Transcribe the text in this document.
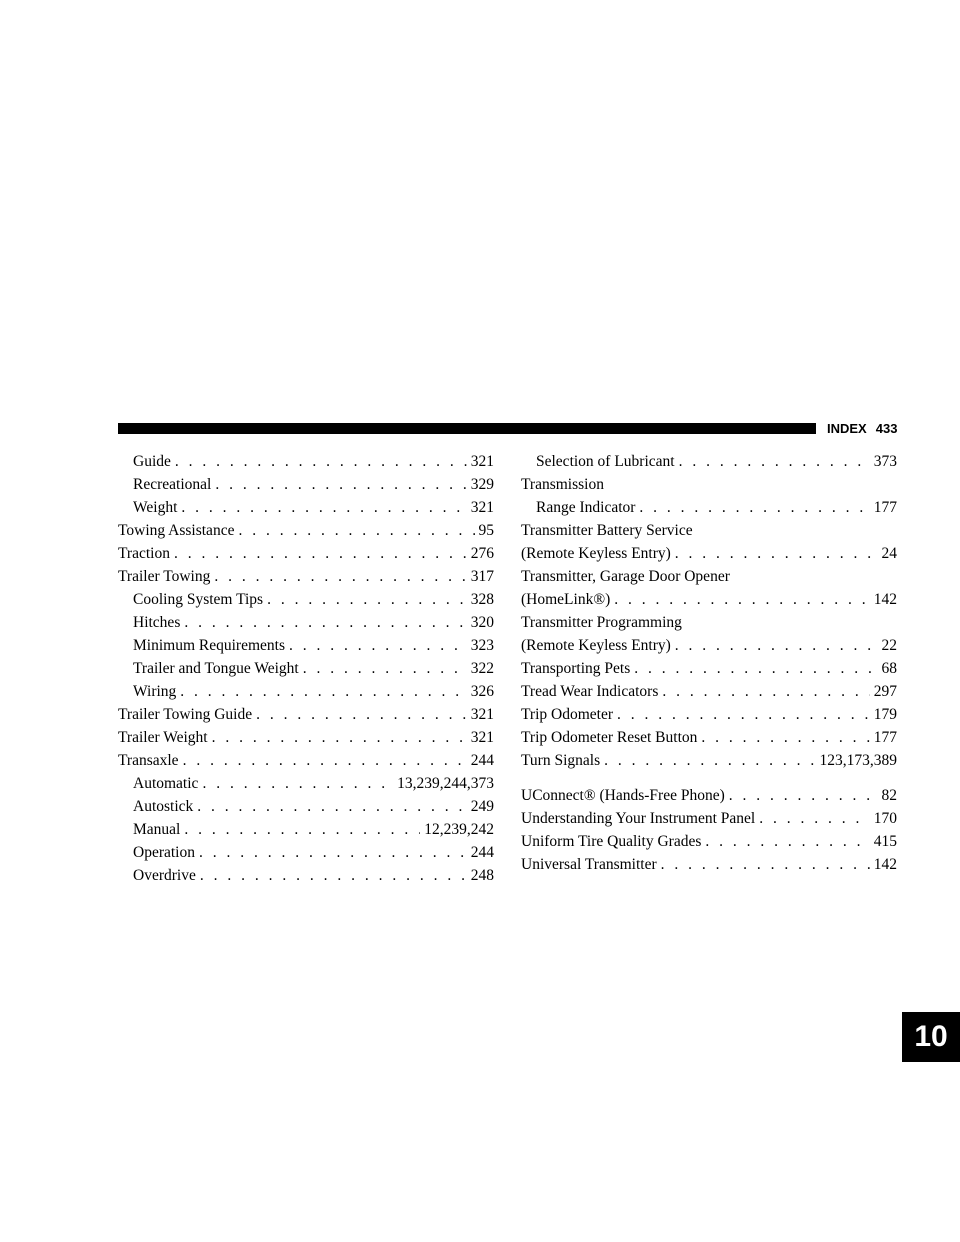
INDEX 433
Guide . . .	321
Recreational . . .	329
Weight . . .	321
Towing Assistance . . .	95
Traction . . .	276
Trailer Towing . . .	317
Cooling System Tips . . .	328
Hitches . . .	320
Minimum Requirements . . .	323
Trailer and Tongue Weight . . .	322
Wiring . . .	326
Trailer Towing Guide . . .	321
Trailer Weight . . .	321
Transaxle . . .	244
Automatic . . .	13,239,244,373
Autostick . . .	249
Manual . . .	12,239,242
Operation . . .	244
Overdrive . . .	248
Selection of Lubricant . . .	373
Transmission
Range Indicator . . .	177
Transmitter Battery Service
(Remote Keyless Entry) . . .	24
Transmitter, Garage Door Opener
(HomeLink®) . . .	142
Transmitter Programming
(Remote Keyless Entry) . . .	22
Transporting Pets . . .	68
Tread Wear Indicators . . .	297
Trip Odometer . . .	179
Trip Odometer Reset Button . . .	177
Turn Signals . . .	123,173,389
UConnect® (Hands-Free Phone) . . .	82
Understanding Your Instrument Panel . . .	170
Uniform Tire Quality Grades . . .	415
Universal Transmitter . . .	142
10
